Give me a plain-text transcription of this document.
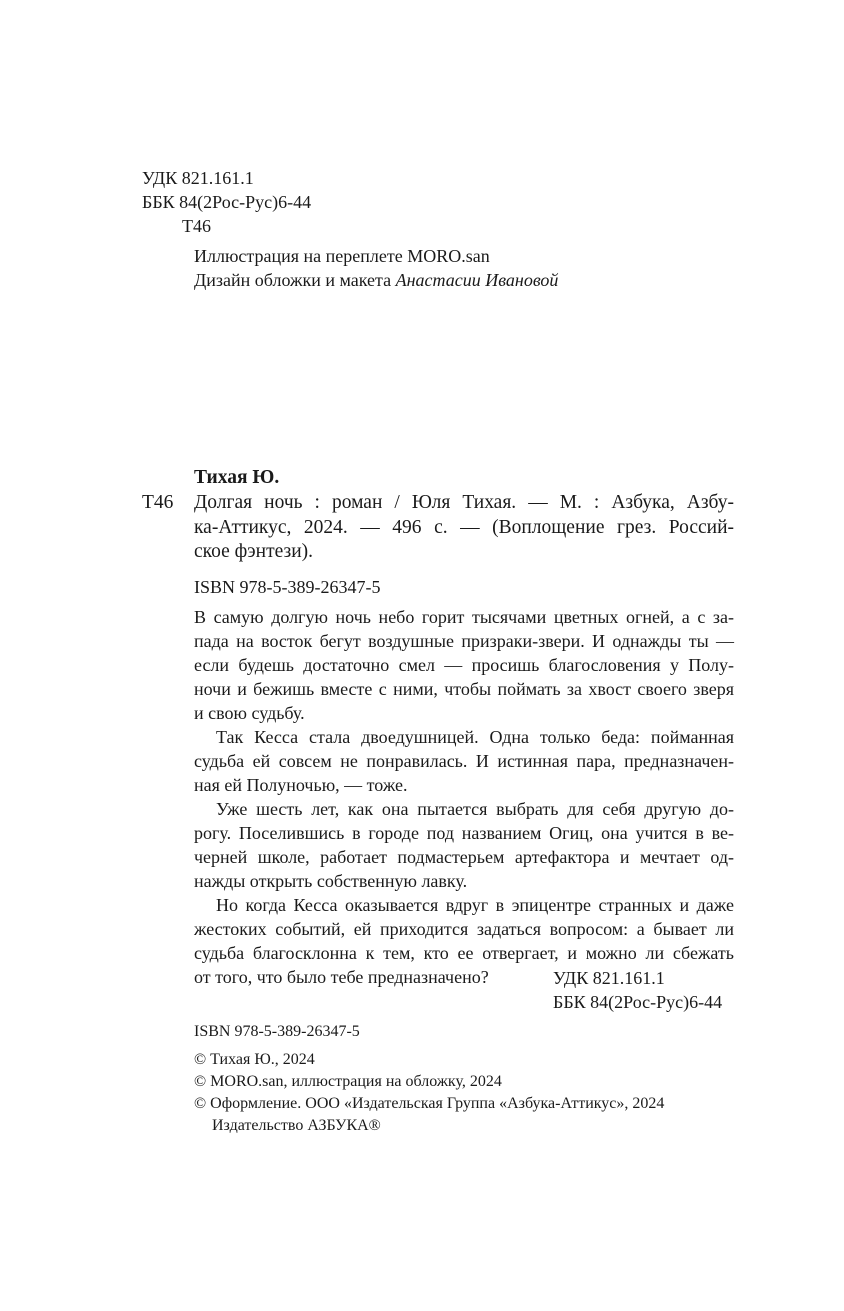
УДК 821.161.1
ББК 84(2Рос-Рус)6-44
Т46
Иллюстрация на переплете MORO.san
Дизайн обложки и макета Анастасии Ивановой
Тихая Ю.
Т46 Долгая ночь : роман / Юля Тихая. — М. : Азбука, Азбу-
ка-Аттикус, 2024. — 496 с. — (Воплощение грез. Россий-
ское фэнтези).
ISBN 978-5-389-26347-5
В самую долгую ночь небо горит тысячами цветных огней, а с за-
пада на восток бегут воздушные призраки-звери. И однажды ты —
если будешь достаточно смел — просишь благословения у Полу-
ночи и бежишь вместе с ними, чтобы поймать за хвост своего зверя
и свою судьбу.
Так Кесса стала двоедушницей. Одна только беда: пойманная
судьба ей совсем не понравилась. И истинная пара, предназначен-
ная ей Полуночью, — тоже.
Уже шесть лет, как она пытается выбрать для себя другую до-
рогу. Поселившись в городе под названием Огиц, она учится в ве-
черней школе, работает подмастерьем артефактора и мечтает од-
нажды открыть собственную лавку.
Но когда Кесса оказывается вдруг в эпицентре странных и даже
жестоких событий, ей приходится задаться вопросом: а бывает ли
судьба благосклонна к тем, кто ее отвергает, и можно ли сбежать
от того, что было тебе предназначено?	УДК 821.161.1
ББК 84(2Рос-Рус)6-44
ISBN 978-5-389-26347-5
© Тихая Ю., 2024
© MORO.san, иллюстрация на обложку, 2024
© Оформление. ООО «Издательская Группа «Азбука-Аттикус», 2024
Издательство АЗБУКА®
